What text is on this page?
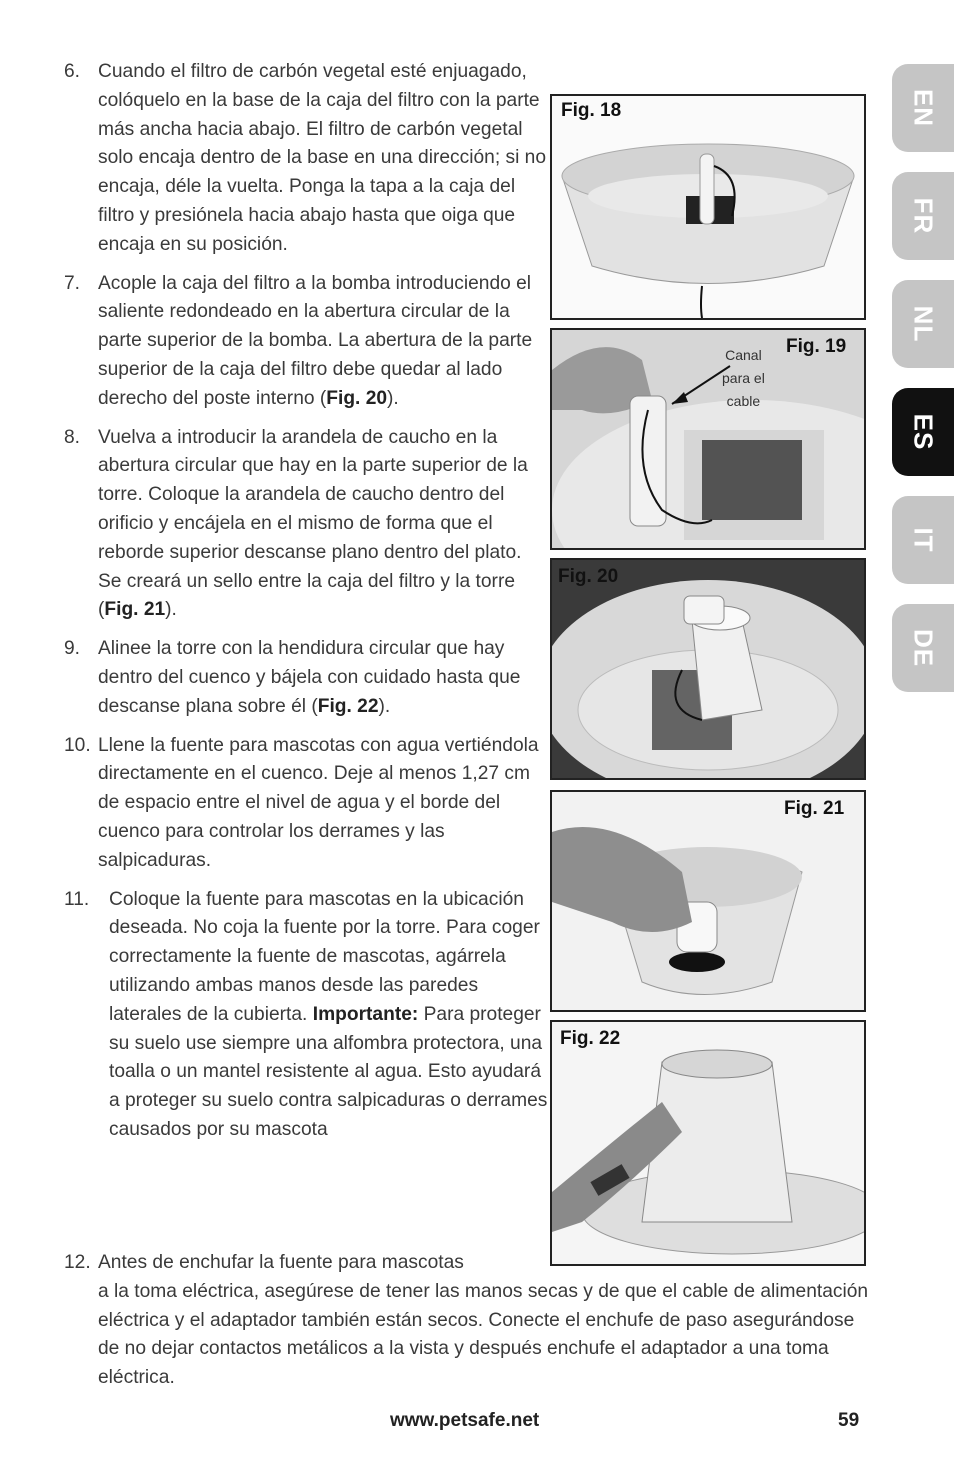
6. Cuando el filtro de carbón vegetal esté enjuagado, colóquelo en la base de la caja del filtro con la parte más ancha hacia abajo. El filtro de carbón vegetal solo encaja dentro de la base en una dirección; si no encaja, déle la vuelta. Ponga la tapa a la caja del filtro y presiónela hacia abajo hasta que oiga que encaja en su posición.
7. Acople la caja del filtro a la bomba introduciendo el saliente redondeado en la abertura circular de la parte superior de la bomba. La abertura de la parte superior de la caja del filtro debe quedar al lado derecho del poste interno (Fig. 20).
8. Vuelva a introducir la arandela de caucho en la abertura circular que hay en la parte superior de la torre. Coloque la arandela de caucho dentro del orificio y encájela en el mismo de forma que el reborde superior descanse plano dentro del plato. Se creará un sello entre la caja del filtro y la torre (Fig. 21).
9. Alinee la torre con la hendidura circular que hay dentro del cuenco y bájela con cuidado hasta que descanse plana sobre él (Fig. 22).
10. Llene la fuente para mascotas con agua vertiéndola directamente en el cuenco. Deje al menos 1,27 cm de espacio entre el nivel de agua y el borde del cuenco para controlar los derrames y las salpicaduras.
11. Coloque la fuente para mascotas en la ubicación deseada. No coja la fuente por la torre. Para coger correctamente la fuente de mascotas, agárrela utilizando ambas manos desde las paredes laterales de la cubierta. Importante: Para proteger su suelo use siempre una alfombra protectora, una toalla o un mantel resistente al agua. Esto ayudará a proteger su suelo contra salpicaduras o derrames causados por su mascota
12. Antes de enchufar la fuente para mascotas
a la toma eléctrica, asegúrese de tener las manos secas y de que el cable de alimentación eléctrica y el adaptador también están secos. Conecte el enchufe de paso asegurándose de no dejar contactos metálicos a la vista y después enchufe el adaptador a una toma eléctrica.
Fig. 18
Fig. 19
Canal
para el
cable
Fig. 20
Fig. 21
Fig. 22
EN
FR
NL
ES
IT
DE
www.petsafe.net	59
